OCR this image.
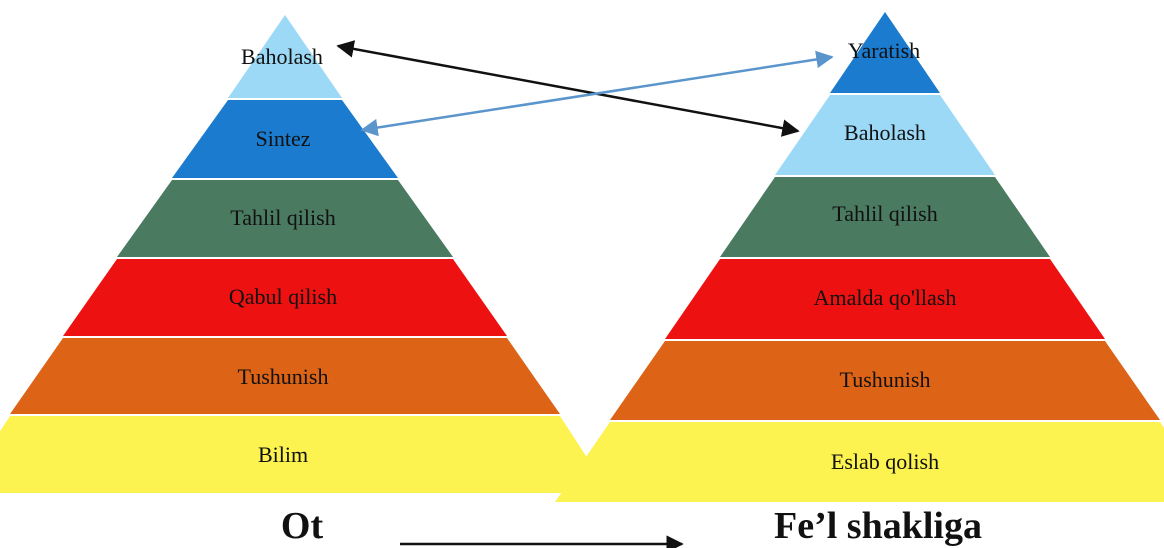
Baholash
Sintez
Tahlil qilish
Qabul qilish
Tushunish
Bilim
Yaratish
Baholash
Tahlil qilish
Amalda qo'llash
Tushunish
Eslab qolish
Ot	Fe’l shakliga
